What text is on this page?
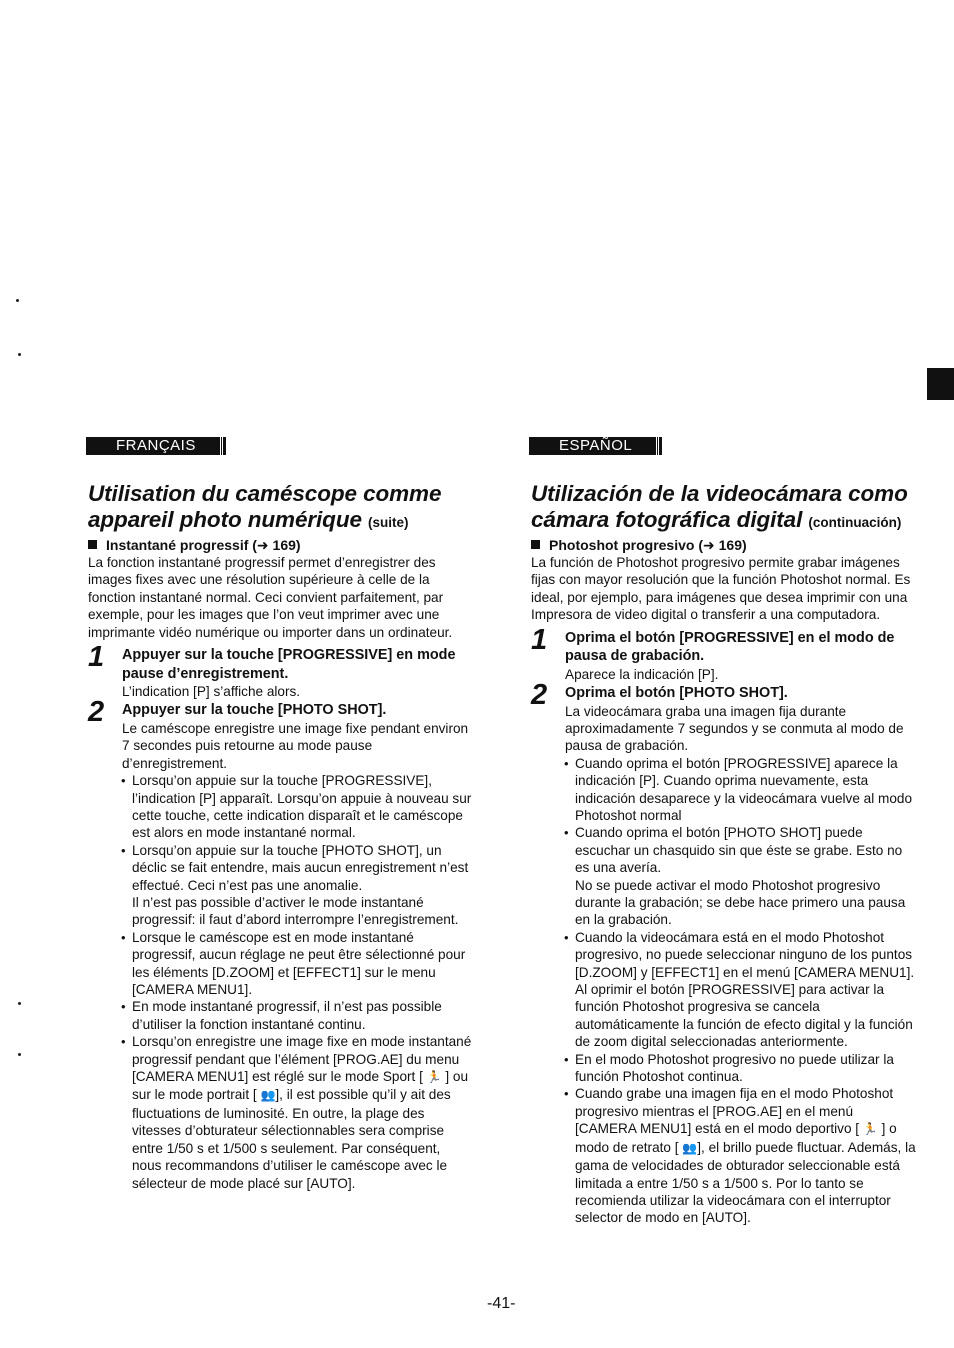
FRANÇAIS
Utilisation du caméscope comme
appareil photo numérique (suite)
Instantané progressif (➜ 169)

La fonction instantané progressif permet d’enregistrer des images fixes avec une résolution supérieure à celle de la fonction instantané normal. Ceci convient parfaitement, par exemple, pour les images que l’on veut imprimer avec une imprimante vidéo numérique ou importer dans un ordinateur.

1 Appuyer sur la touche [PROGRESSIVE] en mode pause d’enregistrement.

L’indication [P] s’affiche alors.

2 Appuyer sur la touche [PHOTO SHOT].

Le caméscope enregistre une image fixe pendant environ 7 secondes puis retourne au mode pause d’enregistrement.

• Lorsqu’on appuie sur la touche [PROGRESSIVE], l’indication [P] apparaît. Lorsqu’on appuie à nouveau sur cette touche, cette indication disparaît et le caméscope est alors en mode instantané normal.

• Lorsqu’on appuie sur la touche [PHOTO SHOT], un déclic se fait entendre, mais aucun enregistrement n’est effectué. Ceci n’est pas une anomalie.

Il n’est pas possible d’activer le mode instantané progressif: il faut d’abord interrompre l’enregistrement.

• Lorsque le caméscope est en mode instantané progressif, aucun réglage ne peut être sélectionné pour les éléments [D.ZOOM] et [EFFECT1] sur le menu [CAMERA MENU1].

• En mode instantané progressif, il n’est pas possible d’utiliser la fonction instantané continu.

• Lorsqu’on enregistre une image fixe en mode instantané progressif pendant que l’élément [PROG.AE] du menu [CAMERA MENU1] est réglé sur le mode Sport [ 🏃 ] ou sur le mode portrait [ 👥], il est possible qu’il y ait des fluctuations de luminosité. En outre, la plage des vitesses d’obturateur sélectionnables sera comprise entre 1/50 s et 1/500 s seulement. Par conséquent, nous recommandons d’utiliser le caméscope avec le sélecteur de mode placé sur [AUTO].

ESPAÑOL
Utilización de la videocámara como
cámara fotográfica digital (continuación)
Photoshot progresivo (➜ 169)

La función de Photoshot progresivo permite grabar imágenes fijas con mayor resolución que la función Photoshot normal. Es ideal, por ejemplo, para imágenes que desea imprimir con una Impresora de video digital o transferir a una computadora.

1 Oprima el botón [PROGRESSIVE] en el modo de pausa de grabación.

Aparece la indicación [P].

2 Oprima el botón [PHOTO SHOT].

La videocámara graba una imagen fija durante aproximadamente 7 segundos y se conmuta al modo de pausa de grabación.

• Cuando oprima el botón [PROGRESSIVE] aparece la indicación [P]. Cuando oprima nuevamente, esta indicación desaparece y la videocámara vuelve al modo Photoshot normal

• Cuando oprima el botón [PHOTO SHOT] puede escuchar un chasquido sin que éste se grabe. Esto no es una avería.

No se puede activar el modo Photoshot progresivo durante la grabación; se debe hace primero una pausa en la grabación.

• Cuando la videocámara está en el modo Photoshot progresivo, no puede seleccionar ninguno de los puntos [D.ZOOM] y [EFFECT1] en el menú [CAMERA MENU1]. Al oprimir el botón [PROGRESSIVE] para activar la función Photoshot progresiva se cancela automáticamente la función de efecto digital y la función de zoom digital seleccionadas anteriormente.

• En el modo Photoshot progresivo no puede utilizar la función Photoshot continua.

• Cuando grabe una imagen fija en el modo Photoshot progresivo mientras el [PROG.AE] en el menú [CAMERA MENU1] está en el modo deportivo [ 🏃 ] o modo de retrato [ 👥], el brillo puede fluctuar. Además, la gama de velocidades de obturador seleccionable está limitada a entre 1/50 s a 1/500 s. Por lo tanto se recomienda utilizar la videocámara con el interruptor selector de modo en [AUTO].

-41-
